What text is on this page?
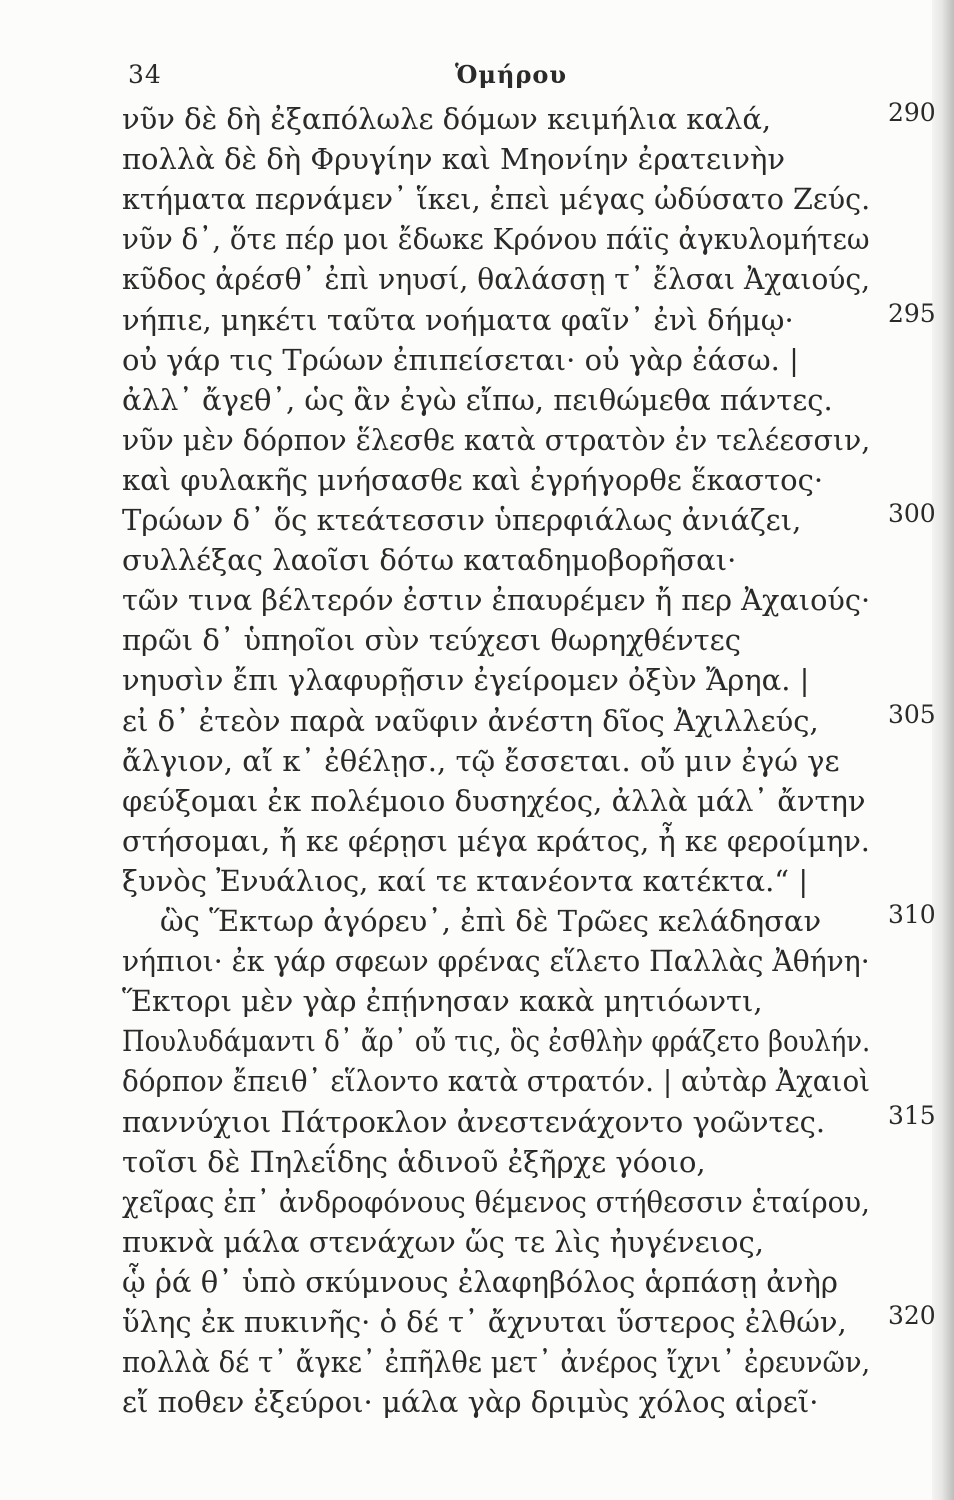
34	Ὁμήρου
νῦν δὲ δὴ ἐξαπόλωλε δόμων κειμήλια καλά,	290
πολλὰ δὲ δὴ Φρυγίην καὶ Μηονίην ἐρατεινὴν
κτήματα περνάμεν᾽ ἵκει, ἐπεὶ μέγας ὠδύσατο Ζεύς.
νῦν δ᾽, ὅτε πέρ μοι ἔδωκε Κρόνου πάϊς ἀγκυλομήτεω
κῦδος ἀρέσθ᾽ ἐπὶ νηυσί, θαλάσσῃ τ᾽ ἔλσαι Ἀχαιούς,
νήπιε, μηκέτι ταῦτα νοήματα φαῖν᾽ ἐνὶ δήμῳ·	295
οὐ γάρ τις Τρώων ἐπιπείσεται· οὐ γὰρ ἐάσω. |
ἀλλ᾽ ἄγεθ᾽, ὡς ἂν ἐγὼ εἴπω, πειθώμεθα πάντες.
νῦν μὲν δόρπον ἕλεσθε κατὰ στρατὸν ἐν τελέεσσιν,
καὶ φυλακῆς μνήσασθε καὶ ἐγρήγορθε ἕκαστος·
Τρώων δ᾽ ὅς κτεάτεσσιν ὑπερφιάλως ἀνιάζει,	300
συλλέξας λαοῖσι δότω καταδημοβορῆσαι·
τῶν τινα βέλτερόν ἐστιν ἐπαυρέμεν ἤ περ Ἀχαιούς·
πρῶι δ᾽ ὑπηοῖοι σὺν τεύχεσι θωρηχθέντες
νηυσὶν ἔπι γλαφυρῇσιν ἐγείρομεν ὀξὺν Ἄρηα. |
εἰ δ᾽ ἐτεὸν παρὰ ναῦφιν ἀνέστη δῖος Ἀχιλλεύς,	305
ἄλγιον, αἴ κ᾽ ἐθέλῃσ., τῷ ἔσσεται. οὔ μιν ἐγώ γε
φεύξομαι ἐκ πολέμοιο δυσηχέος, ἀλλὰ μάλ᾽ ἄντην
στήσομαι, ἤ κε φέρῃσι μέγα κράτος, ἦ κε φεροίμην.
ξυνὸς Ἐνυάλιος, καί τε κτανέοντα κατέκτα.“ |
ὣς Ἕκτωρ ἀγόρευ᾽, ἐπὶ δὲ Τρῶες κελάδησαν	310
νήπιοι· ἐκ γάρ σφεων φρένας εἵλετο Παλλὰς Ἀθήνη·
Ἕκτορι μὲν γὰρ ἐπῄνησαν κακὰ μητιόωντι,
Πουλυδάμαντι δ᾽ ἄρ᾽ οὔ τις, ὃς ἐσθλὴν φράζετο βουλήν.
δόρπον ἔπειθ᾽ εἵλοντο κατὰ στρατόν. | αὐτὰρ Ἀχαιοὶ
παννύχιοι Πάτροκλον ἀνεστενάχοντο γοῶντες.	315
τοῖσι δὲ Πηλεΐδης ἁδινοῦ ἐξῆρχε γόοιο,
χεῖρας ἐπ᾽ ἀνδροφόνους θέμενος στήθεσσιν ἑταίρου,
πυκνὰ μάλα στενάχων ὥς τε λὶς ἠυγένειος,
ᾧ ῥά θ᾽ ὑπὸ σκύμνους ἐλαφηβόλος ἁρπάσῃ ἀνὴρ
ὕλης ἐκ πυκινῆς· ὁ δέ τ᾽ ἄχνυται ὕστερος ἐλθών, 320
πολλὰ δέ τ᾽ ἄγκε᾽ ἐπῆλθε μετ᾽ ἀνέρος ἴχνι᾽ ἐρευνῶν,
εἴ ποθεν ἐξεύροι· μάλα γὰρ δριμὺς χόλος αἱρεῖ·
